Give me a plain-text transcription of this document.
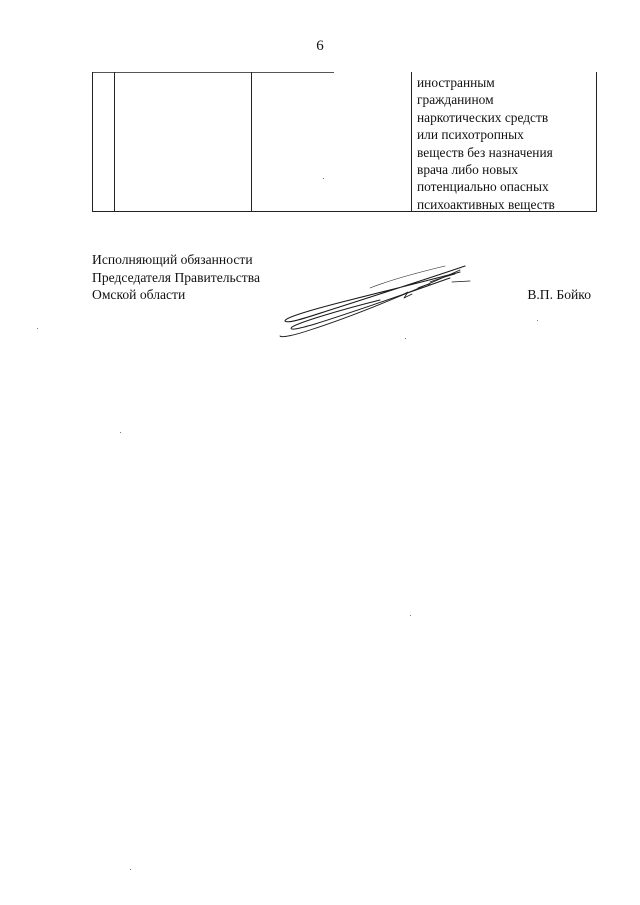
6
иностранным
гражданином
наркотических средств
или психотропных
веществ без назначения
врача либо новых
потенциально опасных
психоактивных веществ
Исполняющий обязанности
Председателя Правительства
Омской области	В.П. Бойко
